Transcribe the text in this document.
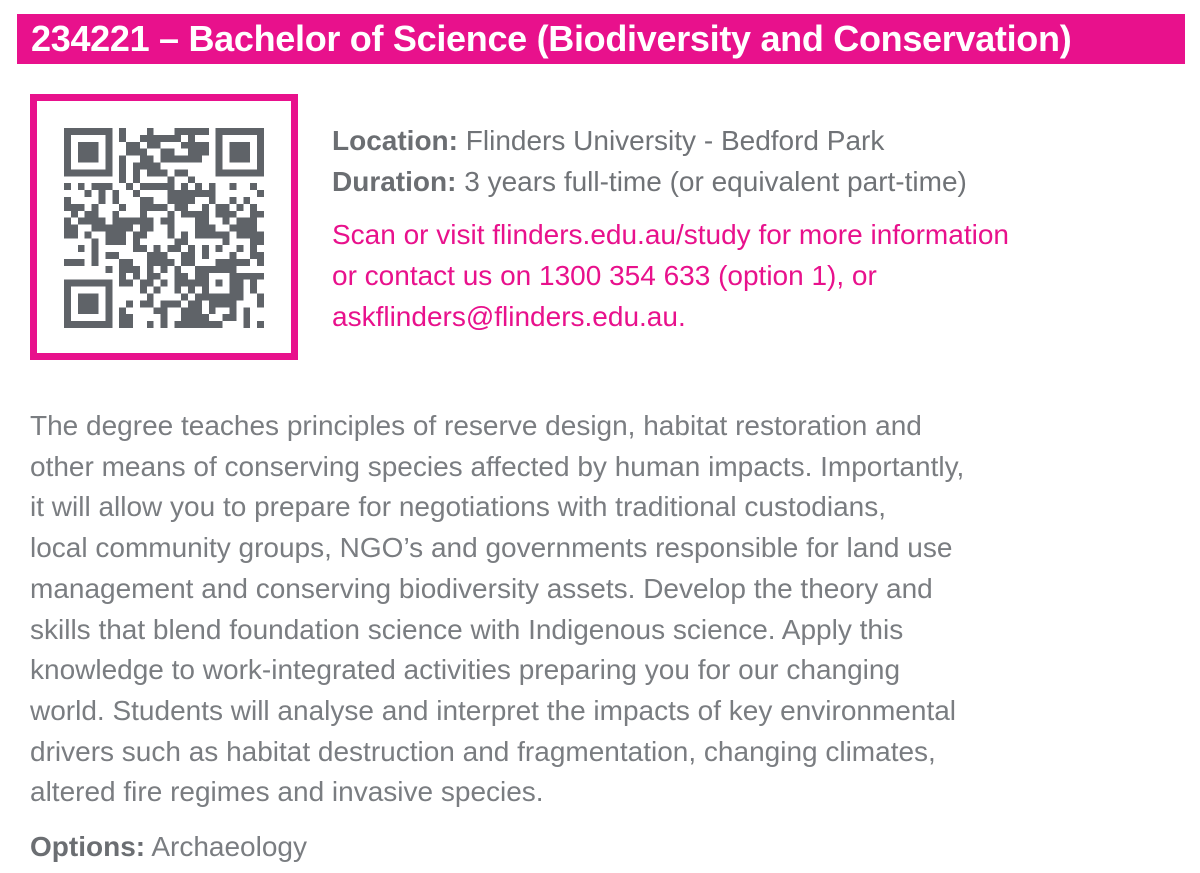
234221 – Bachelor of Science (Biodiversity and Conservation)
Location: Flinders University - Bedford Park
Duration: 3 years full-time (or equivalent part-time)
Scan or visit flinders.edu.au/study for more information
or contact us on 1300 354 633 (option 1), or
askflinders@flinders.edu.au.
The degree teaches principles of reserve design, habitat restoration and
other means of conserving species affected by human impacts. Importantly,
it will allow you to prepare for negotiations with traditional custodians,
local community groups, NGO’s and governments responsible for land use
management and conserving biodiversity assets. Develop the theory and
skills that blend foundation science with Indigenous science. Apply this
knowledge to work-integrated activities preparing you for our changing
world. Students will analyse and interpret the impacts of key environmental
drivers such as habitat destruction and fragmentation, changing climates,
altered fire regimes and invasive species.
Options: Archaeology
